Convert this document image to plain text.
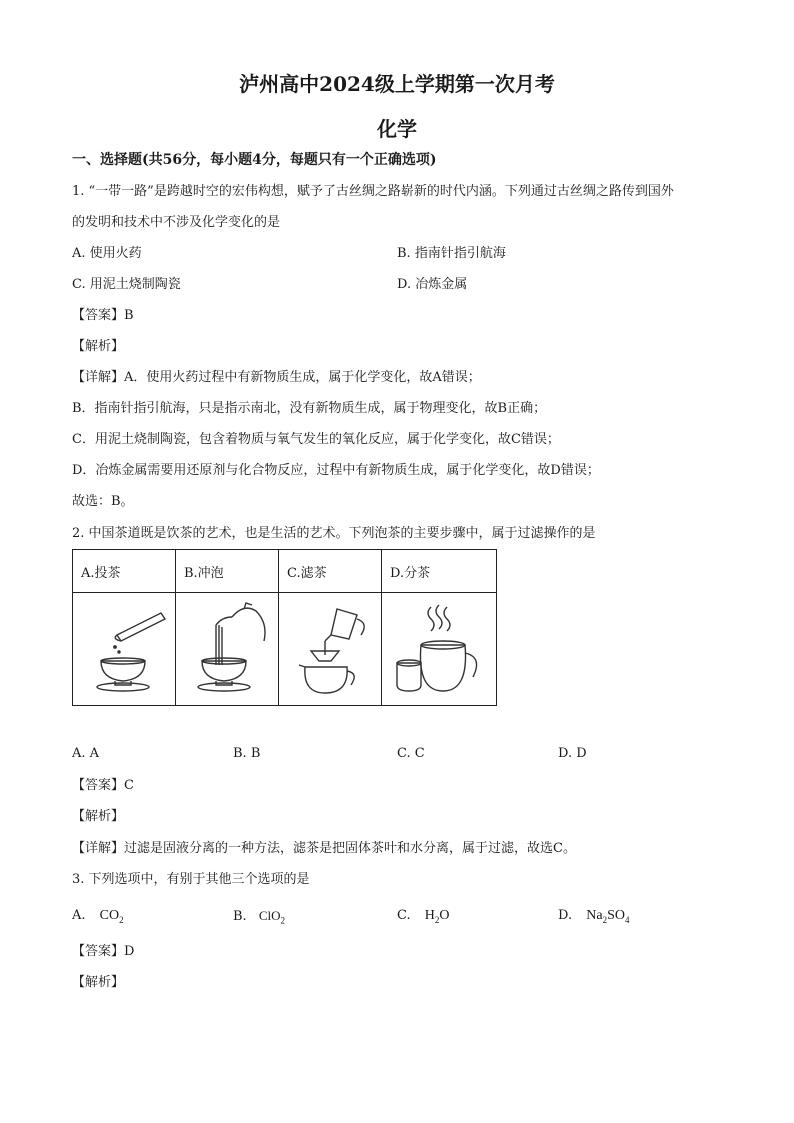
泸州高中2024级上学期第一次月考
化学
一、选择题(共56分，每小题4分，每题只有一个正确选项)
1. “一带一路”是跨越时空的宏伟构想，赋予了古丝绸之路崭新的时代内涵。下列通过古丝绸之路传到国外
的发明和技术中不涉及化学变化的是
A. 使用火药	B. 指南针指引航海
C. 用泥土烧制陶瓷	D. 冶炼金属
【答案】B
【解析】
【详解】A．使用火药过程中有新物质生成，属于化学变化，故A错误；
B．指南针指引航海，只是指示南北，没有新物质生成，属于物理变化，故B正确；
C．用泥土烧制陶瓷，包含着物质与氧气发生的氧化反应，属于化学变化，故C错误；
D．冶炼金属需要用还原剂与化合物反应，过程中有新物质生成，属于化学变化，故D错误；
故选：B。
2. 中国茶道既是饮茶的艺术，也是生活的艺术。下列泡茶的主要步骤中，属于过滤操作的是
A.投茶	B.冲泡	C.滤茶	D.分茶

A. A	B. B	C. C	D. D
【答案】C
【解析】
【详解】过滤是固液分离的一种方法，滤茶是把固体茶叶和水分离，属于过滤，故选C。
3. 下列选项中，有别于其他三个选项的是
A. $CO_2$	B. ClO$_2$	C. $H_2O$	D. $Na_2SO_4$
【答案】D
【解析】
